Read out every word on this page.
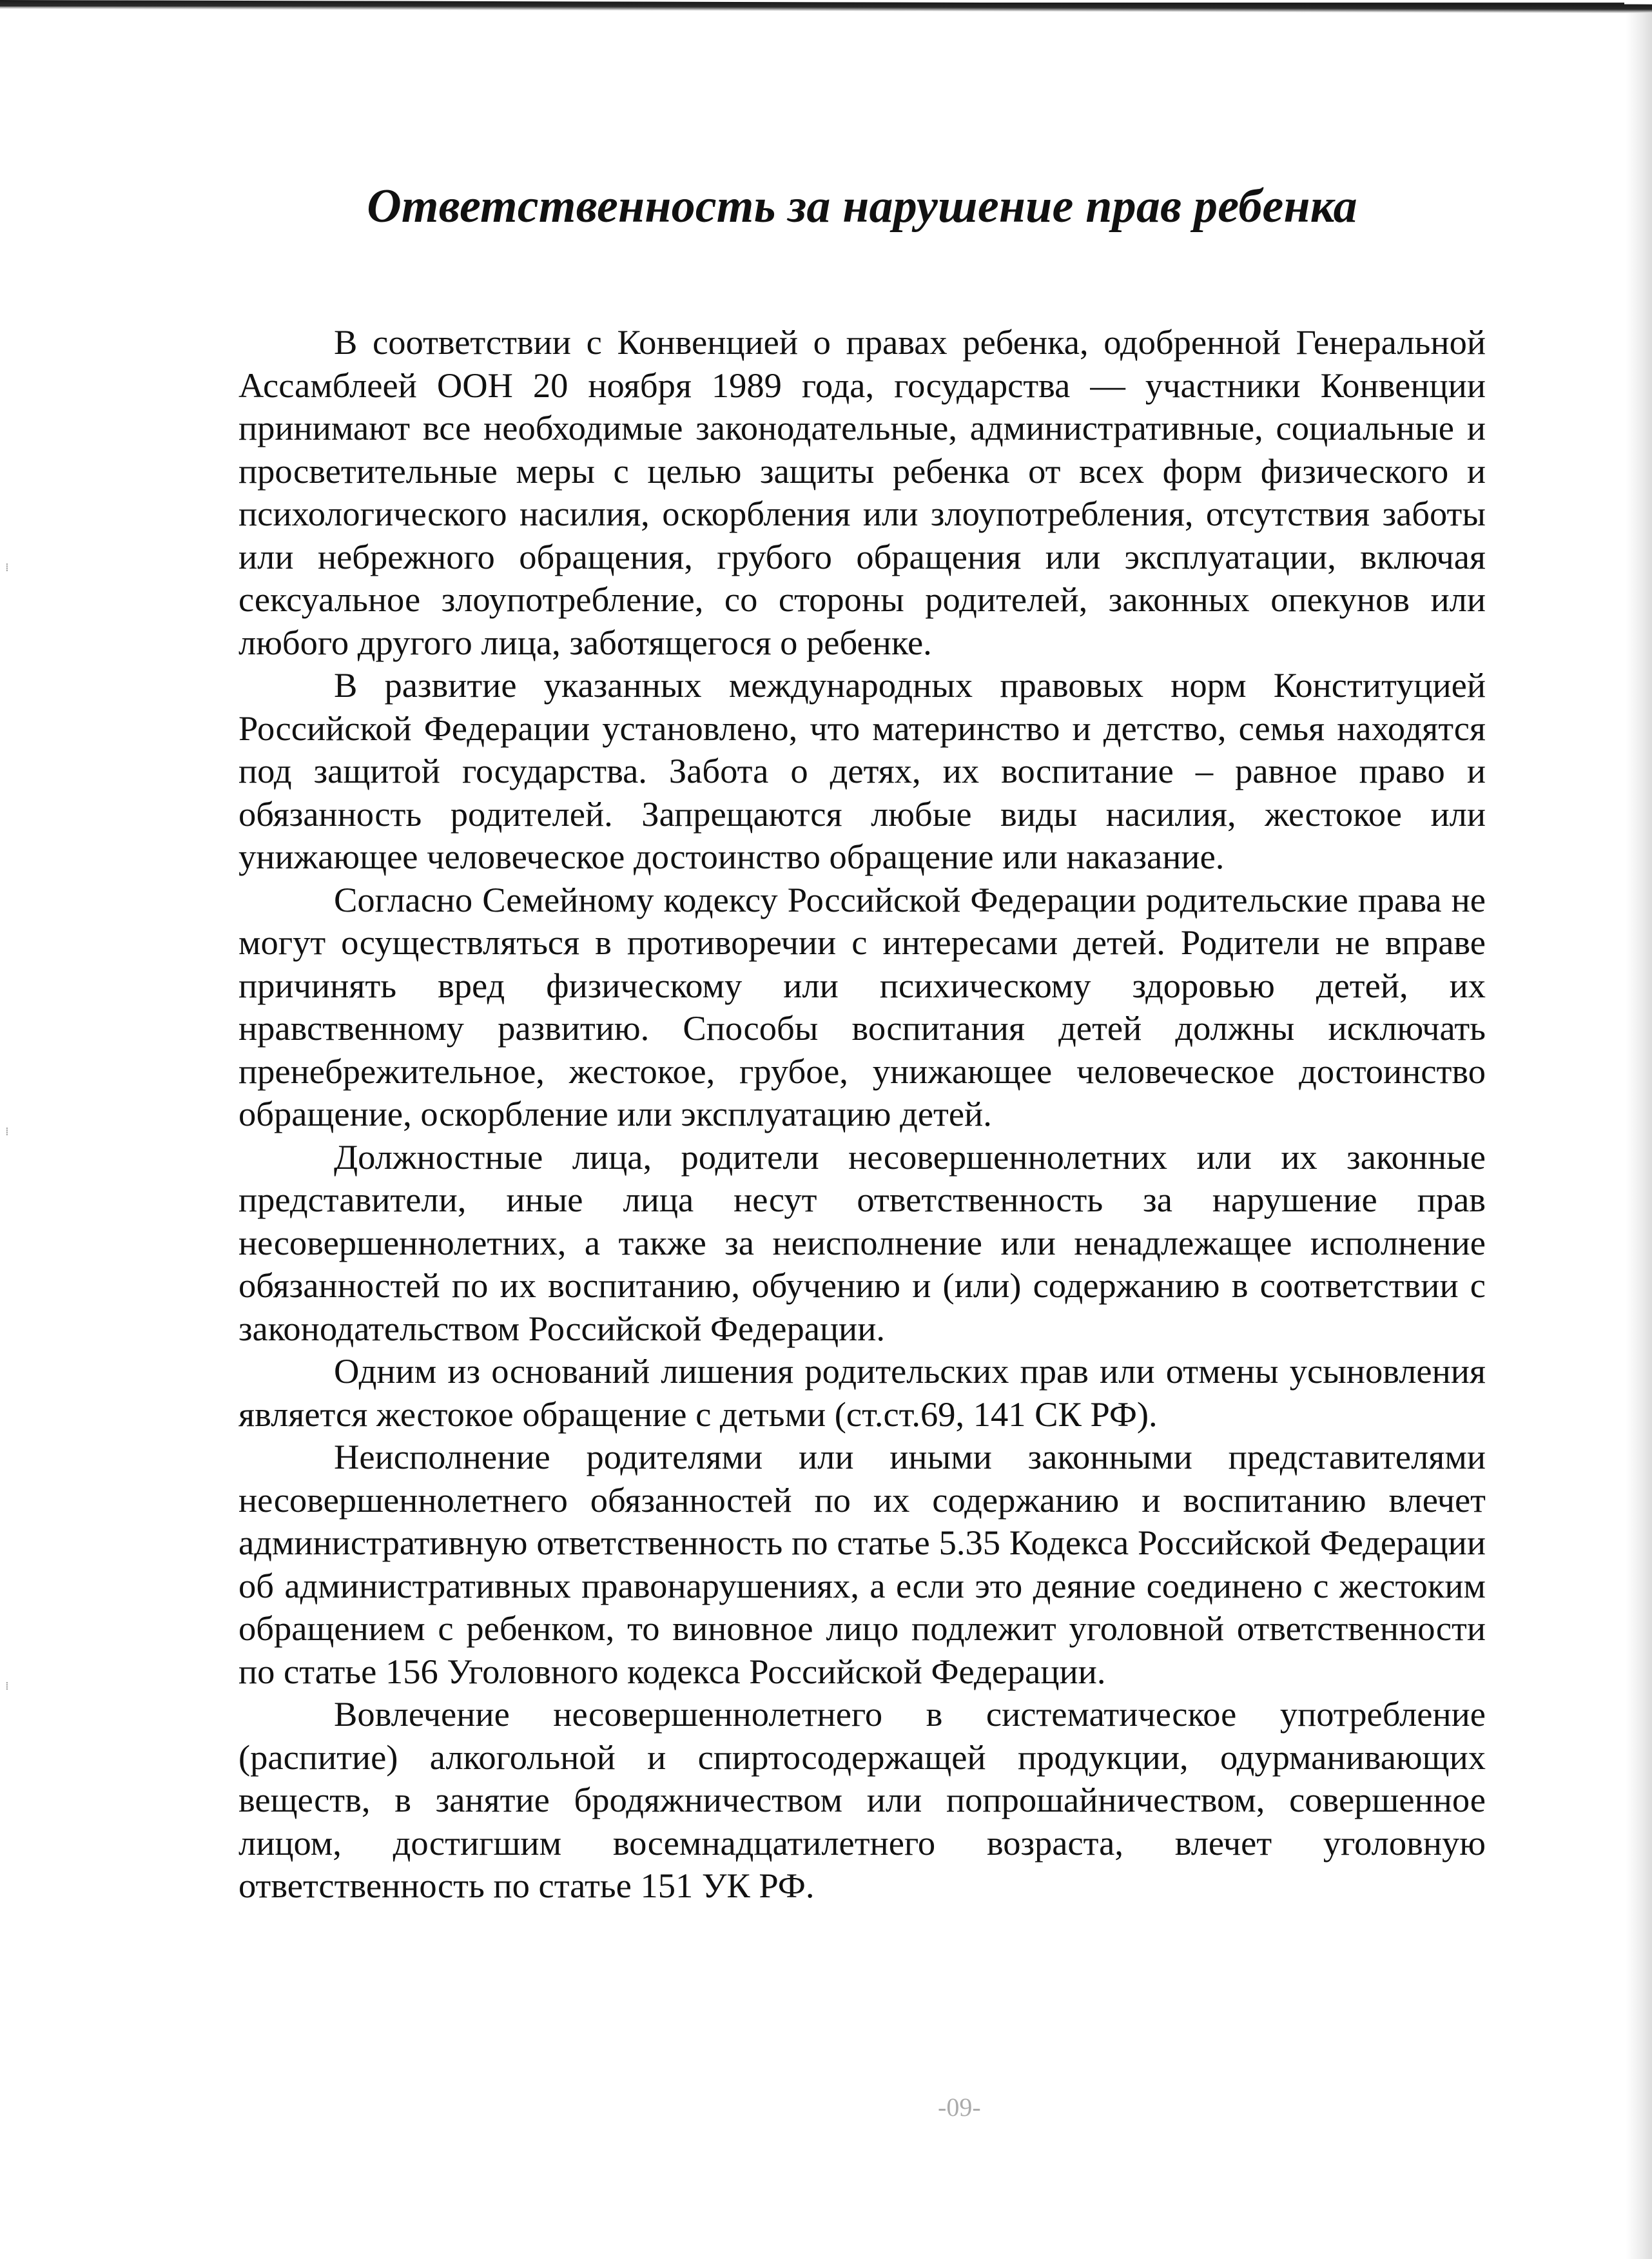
⁞
⁞
⁞
Ответственность за нарушение прав ребенка

В соответствии с Конвенцией о правах ребенка, одобренной Генеральной Ассамблеей ООН 20 ноября 1989 года, государства — участники Конвенции принимают все необходимые законодательные, административные, социальные и просветительные меры с целью защиты ребенка от всех форм физического и психологического насилия, оскорбления или злоупотребления, отсутствия заботы или небрежного обращения, грубого обращения или эксплуатации, включая сексуальное злоупотребление, со стороны родителей, законных опекунов или любого другого лица, заботящегося о ребенке.

В развитие указанных международных правовых норм Конституцией Российской Федерации установлено, что материнство и детство, семья находятся под защитой государства. Забота о детях, их воспитание – равное право и обязанность родителей. Запрещаются любые виды насилия, жестокое или унижающее человеческое достоинство обращение или наказание.

Согласно Семейному кодексу Российской Федерации родительские права не могут осуществляться в противоречии с интересами детей. Родители не вправе причинять вред физическому или психическому здоровью детей, их нравственному развитию. Способы воспитания детей должны исключать пренебрежительное, жестокое, грубое, унижающее человеческое достоинство обращение, оскорбление или эксплуатацию детей.

Должностные лица, родители несовершеннолетних или их законные представители, иные лица несут ответственность за нарушение прав несовершеннолетних, а также за неисполнение или ненадлежащее исполнение обязанностей по их воспитанию, обучению и (или) содержанию в соответствии с законодательством Российской Федерации.

Одним из оснований лишения родительских прав или отмены усыновления является жестокое обращение с детьми (ст.ст.69, 141 СК РФ).

Неисполнение родителями или иными законными представителями несовершеннолетнего обязанностей по их содержанию и воспитанию влечет административную ответственность по статье 5.35 Кодекса Российской Федерации об административных правонарушениях, а если это деяние соединено с жестоким обращением с ребенком, то виновное лицо подлежит уголовной ответственности по статье 156 Уголовного кодекса Российской Федерации.

Вовлечение несовершеннолетнего в систематическое употребление (распитие) алкогольной и спиртосодержащей продукции, одурманивающих веществ, в занятие бродяжничеством или попрошайничеством, совершенное лицом, достигшим восемнадцатилетнего возраста, влечет уголовную ответственность по статье 151 УК РФ.

-09-
